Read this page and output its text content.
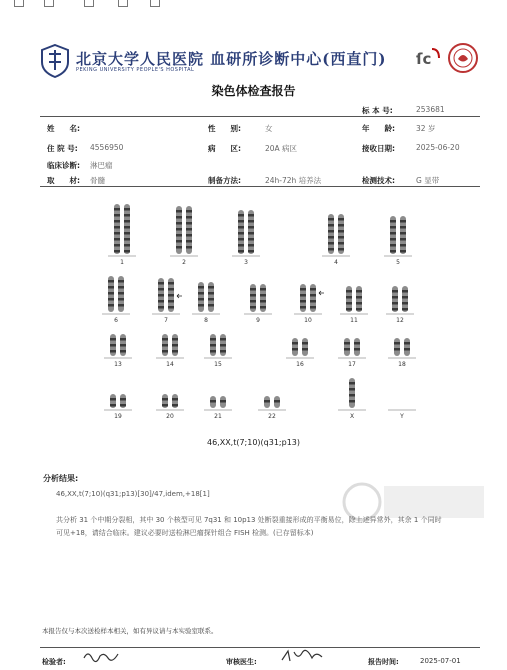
北京大学人民医院 血研所诊断中心(西直门)
PEKING UNIVERSITY PEOPLE'S HOSPITAL
ſc
染色体检查报告
标 本 号:	253681
姓　　名:	性　　别:	女	年　　龄:	32 岁
住 院 号: 4556950	病　　区:	20A 病区	接收日期:	2025-06-20
临床诊断: 淋巴瘤
取　　材: 骨髓	制备方法:	24h-72h 培养法	检测技术:	G 显带
1	2	3	4	5
6	7	8	9	10	11	12
13	14	15	16	17	18
19	20	21	22	X	Y
46,XX,t(7;10)(q31;p13)
分析结果:
46,XX,t(7;10)(q31;p13)[30]/47,idem,+18[1]
共分析 31 个中期分裂相，其中 30 个核型可见 7q31 和 10p13 处断裂重接形成的平衡易位，除上述异常外，其余 1 个同时可见+18，请结合临床。建议必要时送检淋巴瘤探针组合 FISH 检测。(已存留标本)
本报告仅与本次送检样本相关，如有异议请与本实验室联系。
检验者:	审核医生:	报告时间:	2025-07-01
